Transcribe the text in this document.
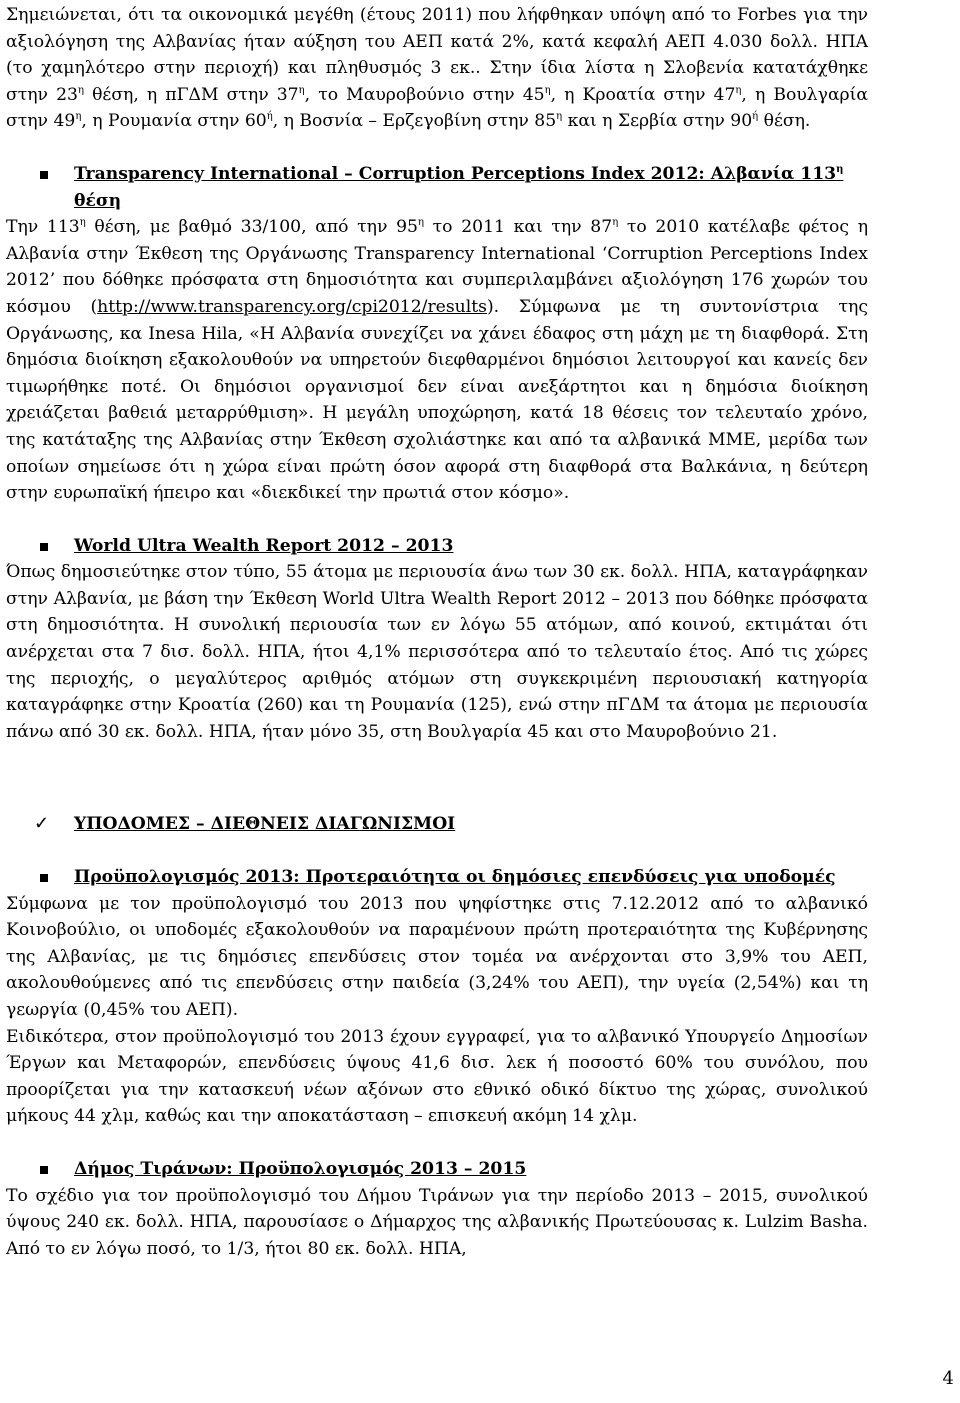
Σημειώνεται, ότι τα οικονομικά μεγέθη (έτους 2011) που λήφθηκαν υπόψη από το Forbes για την αξιολόγηση της Αλβανίας ήταν αύξηση του ΑΕΠ κατά 2%, κατά κεφαλή ΑΕΠ 4.030 δολλ. ΗΠΑ (το χαμηλότερο στην περιοχή) και πληθυσμός 3 εκ.. Στην ίδια λίστα η Σλοβενία κατατάχθηκε στην $23^\eta$ θέση, η πΓΔΜ στην $37^\eta$, το Μαυροβούνιο στην $45^\eta$, η Κροατία στην $47^\eta$, η Βουλγαρία στην $49^\eta$, η Ρουμανία στην $60^ή$, η Βοσνία – Ερζεγοβίνη στην $85^\eta$ και η Σερβία στην $90^ή$ θέση.

Transparency International – Corruption Perceptions Index 2012: Αλβανία $113^\eta$ θέση

Την $113^\eta$ θέση, με βαθμό 33/100, από την $95^\eta$ το 2011 και την $87^\eta$ το 2010 κατέλαβε φέτος η Αλβανία στην Έκθεση της Οργάνωσης Transparency International ‘Corruption Perceptions Index 2012’ που δόθηκε πρόσφατα στη δημοσιότητα και συμπεριλαμβάνει αξιολόγηση 176 χωρών του κόσμου (http://www.transparency.org/cpi2012/results). Σύμφωνα με τη συντονίστρια της Οργάνωσης, κα Inesa Hila, «Η Αλβανία συνεχίζει να χάνει έδαφος στη μάχη με τη διαφθορά. Στη δημόσια διοίκηση εξακολουθούν να υπηρετούν διεφθαρμένοι δημόσιοι λειτουργοί και κανείς δεν τιμωρήθηκε ποτέ. Οι δημόσιοι οργανισμοί δεν είναι ανεξάρτητοι και η δημόσια διοίκηση χρειάζεται βαθειά μεταρρύθμιση». Η μεγάλη υποχώρηση, κατά 18 θέσεις τον τελευταίο χρόνο, της κατάταξης της Αλβανίας στην Έκθεση σχολιάστηκε και από τα αλβανικά ΜΜΕ, μερίδα των οποίων σημείωσε ότι η χώρα είναι πρώτη όσον αφορά στη διαφθορά στα Βαλκάνια, η δεύτερη στην ευρωπαϊκή ήπειρο και «διεκδικεί την πρωτιά στον κόσμο».

World Ultra Wealth Report 2012 – 2013

Όπως δημοσιεύτηκε στον τύπο, 55 άτομα με περιουσία άνω των 30 εκ. δολλ. ΗΠΑ, καταγράφηκαν στην Αλβανία, με βάση την Έκθεση World Ultra Wealth Report 2012 – 2013 που δόθηκε πρόσφατα στη δημοσιότητα. Η συνολική περιουσία των εν λόγω 55 ατόμων, από κοινού, εκτιμάται ότι ανέρχεται στα 7 δισ. δολλ. ΗΠΑ, ήτοι 4,1% περισσότερα από το τελευταίο έτος. Από τις χώρες της περιοχής, ο μεγαλύτερος αριθμός ατόμων στη συγκεκριμένη περιουσιακή κατηγορία καταγράφηκε στην Κροατία (260) και τη Ρουμανία (125), ενώ στην πΓΔΜ τα άτομα με περιουσία πάνω από 30 εκ. δολλ. ΗΠΑ, ήταν μόνο 35, στη Βουλγαρία 45 και στο Μαυροβούνιο 21.

✓	ΥΠΟΔΟΜΕΣ – ΔΙΕΘΝΕΙΣ ΔΙΑΓΩΝΙΣΜΟΙ
Προϋπολογισμός 2013: Προτεραιότητα οι δημόσιες επενδύσεις για υποδομές

Σύμφωνα με τον προϋπολογισμό του 2013 που ψηφίστηκε στις 7.12.2012 από το αλβανικό Κοινοβούλιο, οι υποδομές εξακολουθούν να παραμένουν πρώτη προτεραιότητα της Κυβέρνησης της Αλβανίας, με τις δημόσιες επενδύσεις στον τομέα να ανέρχονται στο 3,9% του ΑΕΠ, ακολουθούμενες από τις επενδύσεις στην παιδεία (3,24% του ΑΕΠ), την υγεία (2,54%) και τη γεωργία (0,45% του ΑΕΠ).

Ειδικότερα, στον προϋπολογισμό του 2013 έχουν εγγραφεί, για το αλβανικό Υπουργείο Δημοσίων Έργων και Μεταφορών, επενδύσεις ύψους 41,6 δισ. λεκ ή ποσοστό 60% του συνόλου, που προορίζεται για την κατασκευή νέων αξόνων στο εθνικό οδικό δίκτυο της χώρας, συνολικού μήκους 44 χλμ, καθώς και την αποκατάσταση – επισκευή ακόμη 14 χλμ.

Δήμος Τιράνων: Προϋπολογισμός 2013 – 2015

Το σχέδιο για τον προϋπολογισμό του Δήμου Τιράνων για την περίοδο 2013 – 2015, συνολικού ύψους 240 εκ. δολλ. ΗΠΑ, παρουσίασε ο Δήμαρχος της αλβανικής Πρωτεύουσας κ. Lulzim Basha. Από το εν λόγω ποσό, το 1/3, ήτοι 80 εκ. δολλ. ΗΠΑ,

4
